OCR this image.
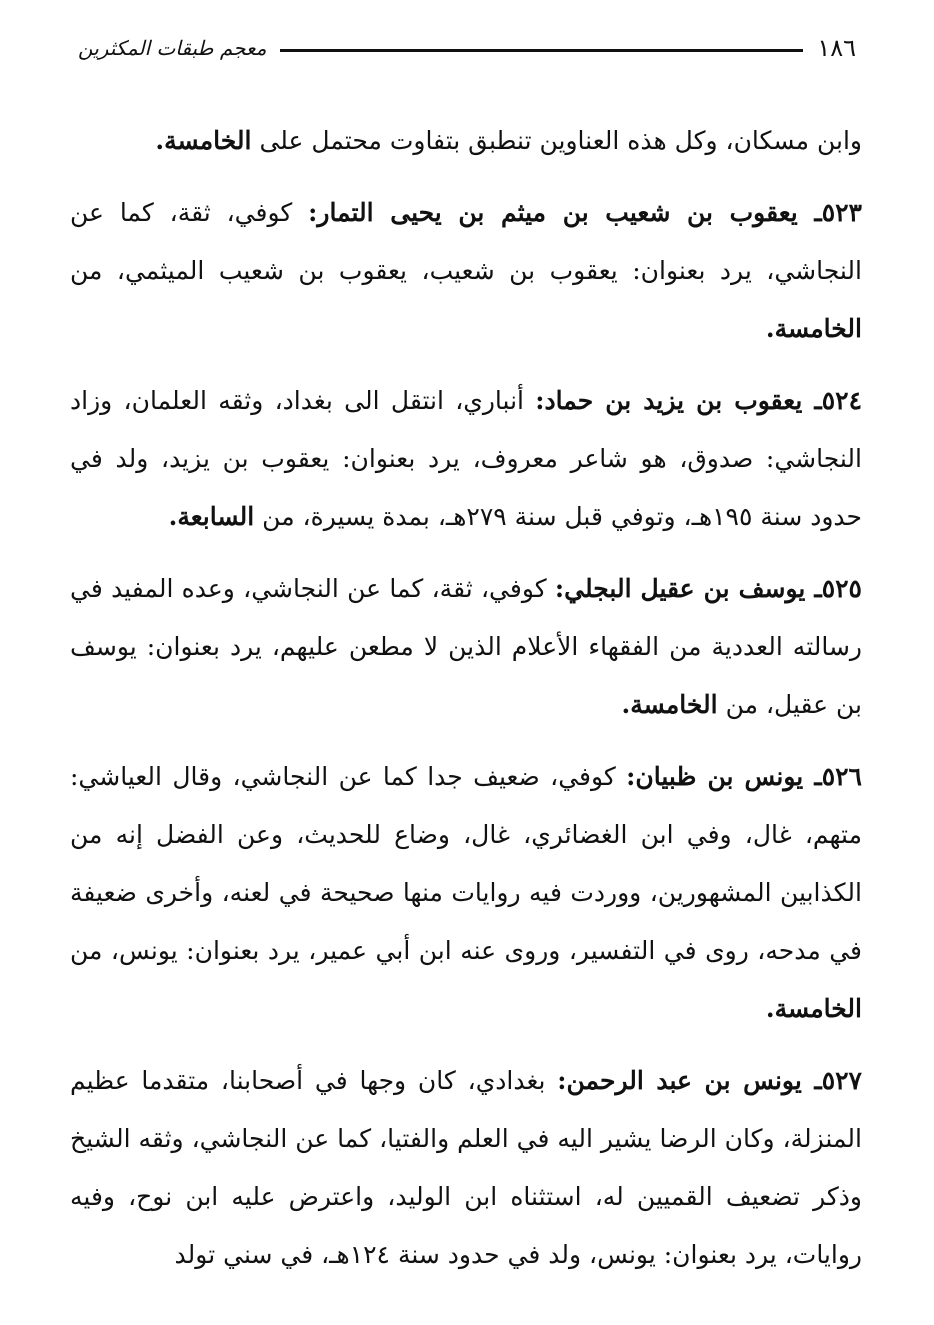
١٨٦
معجم طبقات المكثرين

وابن مسكان، وكل هذه العناوين تنطبق بتفاوت محتمل على الخامسة.

٥٢٣ـ يعقوب بن شعيب بن ميثم بن يحيى التمار: كوفي، ثقة، كما عن النجاشي، يرد بعنوان: يعقوب بن شعيب، يعقوب بن شعيب الميثمي، من الخامسة.

٥٢٤ـ يعقوب بن يزيد بن حماد: أنباري، انتقل الى بغداد، وثقه العلمان، وزاد النجاشي: صدوق، هو شاعر معروف، يرد بعنوان: يعقوب بن يزيد، ولد في حدود سنة ١٩٥هـ، وتوفي قبل سنة ٢٧٩هـ، بمدة يسيرة، من السابعة.

٥٢٥ـ يوسف بن عقيل البجلي: كوفي، ثقة، كما عن النجاشي، وعده المفيد في رسالته العددية من الفقهاء الأعلام الذين لا مطعن عليهم، يرد بعنوان: يوسف بن عقيل، من الخامسة.

٥٢٦ـ يونس بن ظبيان: كوفي، ضعيف جدا كما عن النجاشي، وقال العياشي: متهم، غال، وفي ابن الغضائري، غال، وضاع للحديث، وعن الفضل إنه من الكذابين المشهورين، ووردت فيه روايات منها صحيحة في لعنه، وأخرى ضعيفة في مدحه، روى في التفسير، وروى عنه ابن أبي عمير، يرد بعنوان: يونس، من الخامسة.

٥٢٧ـ يونس بن عبد الرحمن: بغدادي، كان وجها في أصحابنا، متقدما عظيم المنزلة، وكان الرضا يشير اليه في العلم والفتيا، كما عن النجاشي، وثقه الشيخ وذكر تضعيف القميين له، استثناه ابن الوليد، واعترض عليه ابن نوح، وفيه روايات، يرد بعنوان: يونس، ولد في حدود سنة ١٢٤هـ، في سني تولد
